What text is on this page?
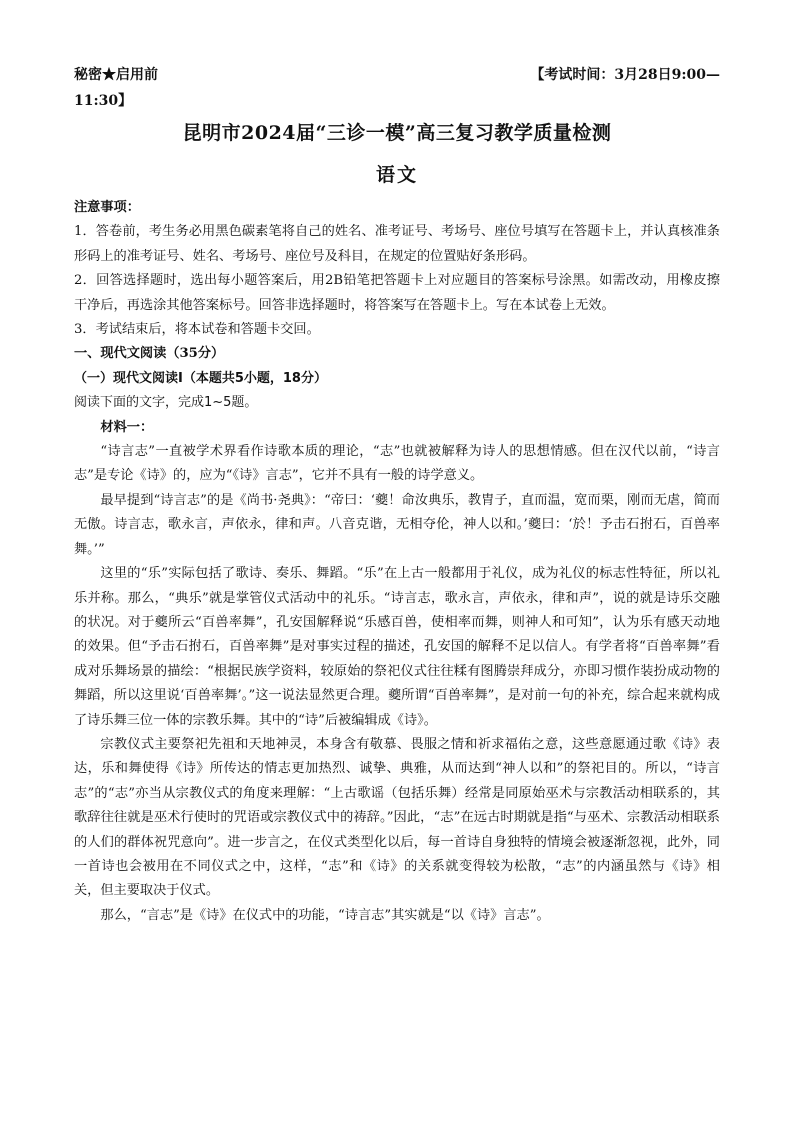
秘密★启用前	【考试时间：3月28日9:00—
11:30】
昆明市2024届“三诊一模”高三复习教学质量检测
语文

注意事项：

1．答卷前，考生务必用黑色碳素笔将自己的姓名、准考证号、考场号、座位号填写在答题卡上，并认真核准条形码上的准考证号、姓名、考场号、座位号及科目，在规定的位置贴好条形码。

2．回答选择题时，选出每小题答案后，用2B铅笔把答题卡上对应题目的答案标号涂黑。如需改动，用橡皮擦干净后，再选涂其他答案标号。回答非选择题时，将答案写在答题卡上。写在本试卷上无效。

3．考试结束后，将本试卷和答题卡交回。

一、现代文阅读（35分）

（一）现代文阅读Ⅰ（本题共5小题，18分）

阅读下面的文字，完成1~5题。

材料一：

“诗言志”一直被学术界看作诗歌本质的理论，“志”也就被解释为诗人的思想情感。但在汉代以前，“诗言志”是专论《诗》的，应为“《诗》言志”，它并不具有一般的诗学意义。

最早提到“诗言志”的是《尚书·尧典》：“帝曰：‘夔！命汝典乐，教胄子，直而温，宽而栗，刚而无虐，简而无傲。诗言志，歌永言，声依永，律和声。八音克谐，无相夺伦，神人以和。’夔曰：‘於！予击石拊石，百兽率舞。’”

这里的“乐”实际包括了歌诗、奏乐、舞蹈。“乐”在上古一般都用于礼仪，成为礼仪的标志性特征，所以礼乐并称。那么，“典乐”就是掌管仪式活动中的礼乐。“诗言志，歌永言，声依永，律和声”，说的就是诗乐交融的状况。对于夔所云“百兽率舞”，孔安国解释说“乐感百兽，使相率而舞，则神人和可知”，认为乐有感天动地的效果。但“予击石拊石，百兽率舞”是对事实过程的描述，孔安国的解释不足以信人。有学者将“百兽率舞”看成对乐舞场景的描绘：“根据民族学资料，较原始的祭祀仪式往往糅有图腾崇拜成分，亦即习惯作装扮成动物的舞蹈，所以这里说‘百兽率舞’。”这一说法显然更合理。夔所谓“百兽率舞”，是对前一句的补充，综合起来就构成了诗乐舞三位一体的宗教乐舞。其中的“诗”后被编辑成《诗》。

宗教仪式主要祭祀先祖和天地神灵，本身含有敬慕、畏服之情和祈求福佑之意，这些意愿通过歌《诗》表达，乐和舞使得《诗》所传达的情志更加热烈、诚挚、典雅，从而达到“神人以和”的祭祀目的。所以，“诗言志”的“志”亦当从宗教仪式的角度来理解：“上古歌谣（包括乐舞）经常是同原始巫术与宗教活动相联系的，其歌辞往往就是巫术行使时的咒语或宗教仪式中的祷辞。”因此，“志”在远古时期就是指“与巫术、宗教活动相联系的人们的群体祝咒意向”。进一步言之，在仪式类型化以后，每一首诗自身独特的情境会被逐渐忽视，此外，同一首诗也会被用在不同仪式之中，这样，“志”和《诗》的关系就变得较为松散，“志”的内涵虽然与《诗》相关，但主要取决于仪式。

那么，“言志”是《诗》在仪式中的功能，“诗言志”其实就是“以《诗》言志”。
